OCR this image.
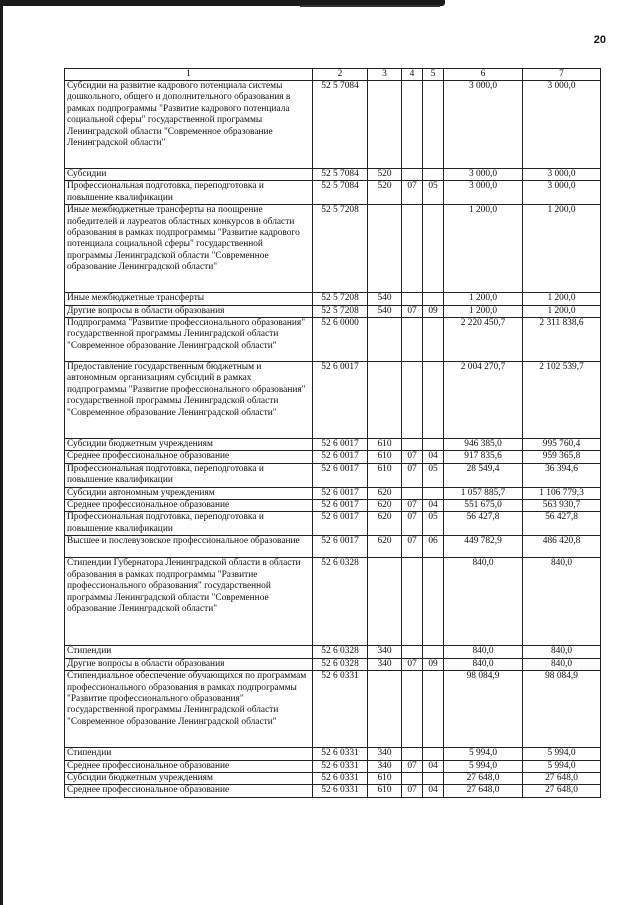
20
1	2	3	4	5	6	7
Субсидии на развитие кадрового потенциала системы дошкольного, общего и дополнительного образования в рамках подпрограммы "Развитие кадрового потенциала социальной сферы" государственной программы Ленинградской области "Современное образование Ленинградской области"	52 5 7084				3 000,0	3 000,0
Субсидии	52 5 7084	520			3 000,0	3 000,0
Профессиональная подготовка, переподготовка и повышение квалификации	52 5 7084	520	07	05	3 000,0	3 000,0
Иные межбюджетные трансферты на поощрение победителей и лауреатов областных конкурсов в области образования в рамках подпрограммы "Развитие кадрового потенциала социальной сферы" государственной программы Ленинградской области "Современное образование Ленинградской области"	52 5 7208				1 200,0	1 200,0
Иные межбюджетные трансферты	52 5 7208	540			1 200,0	1 200,0
Другие вопросы в области образования	52 5 7208	540	07	09	1 200,0	1 200,0
Подпрограмма "Развитие профессионального образования" государственной программы Ленинградской области "Современное образование Ленинградской области"	52 6 0000				2 220 450,7	2 311 838,6
Предоставление государственным бюджетным и автономным организациям субсидий в рамках подпрограммы "Развитие профессионального образования" государственной программы Ленинградской области "Современное образование Ленинградской области"	52 6 0017				2 004 270,7	2 102 539,7
Субсидии бюджетным учреждениям	52 6 0017	610			946 385,0	995 760,4
Среднее профессиональное образование	52 6 0017	610	07	04	917 835,6	959 365,8
Профессиональная подготовка, переподготовка и повышение квалификации	52 6 0017	610	07	05	28 549,4	36 394,6
Субсидии автономным учреждениям	52 6 0017	620			1 057 885,7	1 106 779,3
Среднее профессиональное образование	52 6 0017	620	07	04	551 675,0	563 930,7
Профессиональная подготовка, переподготовка и повышение квалификации	52 6 0017	620	07	05	56 427,8	56 427,8
Высшее и послевузовское профессиональное образование	52 6 0017	620	07	06	449 782,9	486 420,8
Стипендии Губернатора Ленинградской области в области образования в рамках подпрограммы "Развитие профессионального образования" государственной программы Ленинградской области "Современное образование Ленинградской области"	52 6 0328				840,0	840,0
Стипендии	52 6 0328	340			840,0	840,0
Другие вопросы в области образования	52 6 0328	340	07	09	840,0	840,0
Стипендиальное обеспечение обучающихся по программам профессионального образования в рамках подпрограммы "Развитие профессионального образования" государственной программы Ленинградской области "Современное образование Ленинградской области"	52 6 0331				98 084,9	98 084,9
Стипендии	52 6 0331	340			5 994,0	5 994,0
Среднее профессиональное образование	52 6 0331	340	07	04	5 994,0	5 994,0
Субсидии бюджетным учреждениям	52 6 0331	610			27 648,0	27 648,0
Среднее профессиональное образование	52 6 0331	610	07	04	27 648,0	27 648,0
